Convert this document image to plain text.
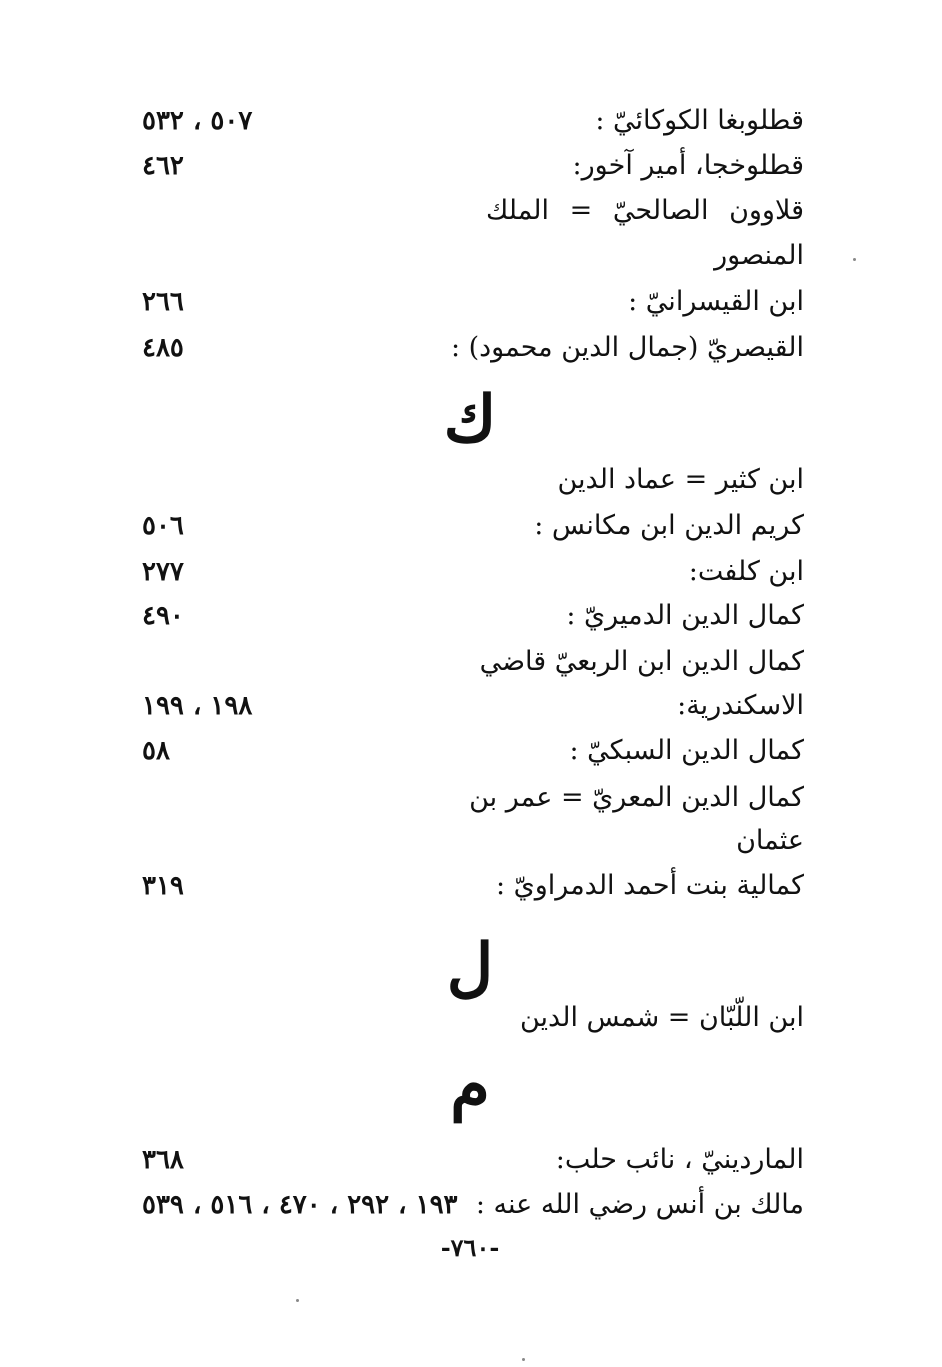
قطلوبغا الكوكائيّ :
٥٠٧ ، ٥٣٢
قطلوخجا، أمير آخور:
٤٦٢
قلاوون الصالحيّ = الملك
المنصور
ابن القيسرانيّ :
٢٦٦
القيصريّ (جمال الدين محمود) :
٤٨٥
ك
ابن كثير = عماد الدين
كريم الدين ابن مكانس :
٥٠٦
ابن كلفت:
٢٧٧
كمال الدين الدميريّ :
٤٩٠
كمال الدين ابن الربعيّ قاضي
الاسكندرية:
١٩٨ ، ١٩٩
كمال الدين السبكيّ :
٥٨
كمال الدين المعريّ = عمر بن
عثمان
كمالية بنت أحمد الدمراويّ :
٣١٩
ل
ابن اللّبّان = شمس الدين
م
الماردينيّ ، نائب حلب:
٣٦٨
مالك بن أنس رضي الله عنه :
١٩٣ ، ٢٩٢ ، ٤٧٠ ، ٥١٦ ، ٥٣٩
-٧٦٠-
